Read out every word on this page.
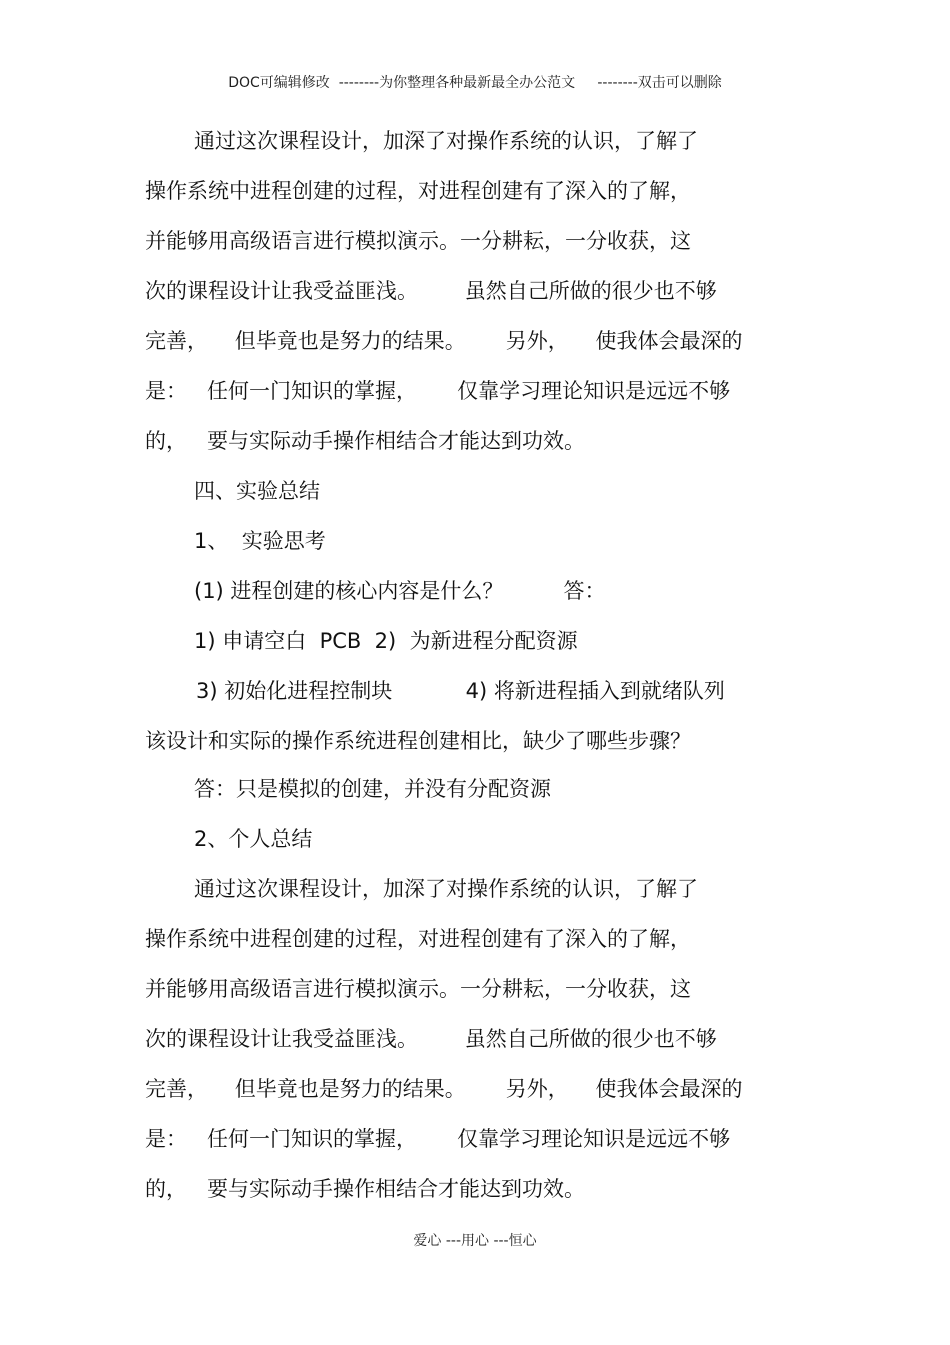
DOC可编辑修改  --------为你整理各种最新最全办公范文     --------双击可以删除
通过这次课程设计，加深了对操作系统的认识，了解了
操作系统中进程创建的过程，对进程创建有了深入的了解，
并能够用高级语言进行模拟演示。一分耕耘，一分收获，这
次的课程设计让我受益匪浅。       虽然自己所做的很少也不够
完善，    但毕竟也是努力的结果。      另外，    使我体会最深的
是：   任何一门知识的掌握，      仅靠学习理论知识是远远不够
的，   要与实际动手操作相结合才能达到功效。
四、实验总结
1、  实验思考
(1) 进程创建的核心内容是什么？         答：
1) 申请空白  PCB  2)  为新进程分配资源
3) 初始化进程控制块           4) 将新进程插入到就绪队列
该设计和实际的操作系统进程创建相比，缺少了哪些步骤？
答：只是模拟的创建，并没有分配资源
2、个人总结
通过这次课程设计，加深了对操作系统的认识，了解了
操作系统中进程创建的过程，对进程创建有了深入的了解，
并能够用高级语言进行模拟演示。一分耕耘，一分收获，这
次的课程设计让我受益匪浅。       虽然自己所做的很少也不够
完善，    但毕竟也是努力的结果。      另外，    使我体会最深的
是：   任何一门知识的掌握，      仅靠学习理论知识是远远不够
的，   要与实际动手操作相结合才能达到功效。
爱心 ---用心 ---恒心
